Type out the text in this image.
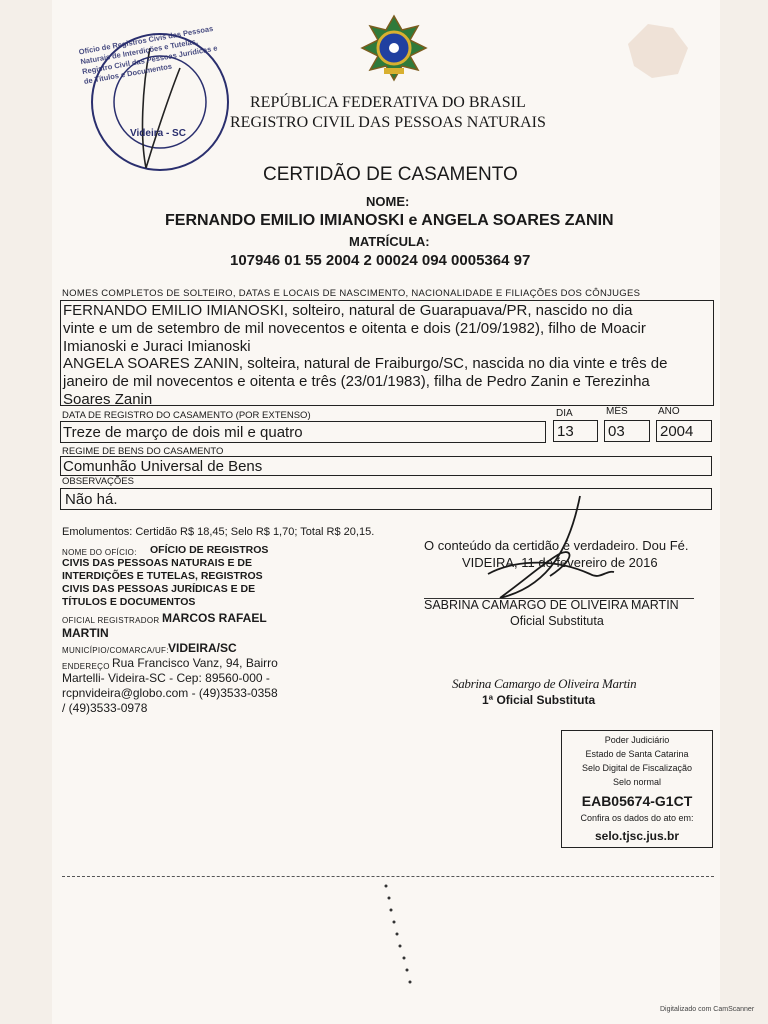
Ofício de Registros Civis das Pessoas Naturais de Interdições e Tutelas, Registro Civil das Pessoas Jurídicas e de Títulos e Documentos
Videira - SC
REPÚBLICA FEDERATIVA DO BRASIL
REGISTRO CIVIL DAS PESSOAS NATURAIS
CERTIDÃO DE CASAMENTO
NOME:
FERNANDO EMILIO IMIANOSKI e ANGELA SOARES ZANIN
MATRÍCULA:
107946 01 55 2004 2 00024 094 0005364 97
NOMES COMPLETOS DE SOLTEIRO, DATAS E LOCAIS DE NASCIMENTO, NACIONALIDADE E FILIAÇÕES DOS CÔNJUGES
FERNANDO EMILIO IMIANOSKI, solteiro, natural de Guarapuava/PR, nascido no dia
vinte e um de setembro de mil novecentos e oitenta e dois (21/09/1982), filho de Moacir
Imianoski e Juraci Imianoski
ANGELA SOARES ZANIN, solteira, natural de Fraiburgo/SC, nascida no dia vinte e três de
janeiro de mil novecentos e oitenta e três (23/01/1983), filha de Pedro Zanin e Terezinha
Soares Zanin
DATA DE REGISTRO DO CASAMENTO (POR EXTENSO)	DIA	MÊS	ANO
Treze de março de dois mil e quatro	13 03 2004
REGIME DE BENS DO CASAMENTO
Comunhão Universal de Bens
OBSERVAÇÕES
Não há.
Emolumentos: Certidão R$ 18,45; Selo R$ 1,70; Total R$ 20,15.
NOME DO OFÍCIO: OFÍCIO DE REGISTROS
CIVIS DAS PESSOAS NATURAIS E DE
INTERDIÇÕES E TUTELAS, REGISTROS
CIVIS DAS PESSOAS JURÍDICAS E DE
TÍTULOS E DOCUMENTOS
OFICIAL REGISTRADOR MARCOS RAFAEL
MARTIN
MUNICÍPIO/COMARCA/UF: VIDEIRA/SC
ENDEREÇO Rua Francisco Vanz, 94, Bairro
Martelli- Videira-SC - Cep: 89560-000 -
rcpnvideira@globo.com - (49)3533-0358
/ (49)3533-0978
O conteúdo da certidão é verdadeiro. Dou Fé.
VIDEIRA, 11 de fevereiro de 2016
SABRINA CAMARGO DE OLIVEIRA MARTIN
Oficial Substituta
Sabrina Camargo de Oliveira Martin
1ª Oficial Substituta
Poder Judiciário
Estado de Santa Catarina
Selo Digital de Fiscalização
Selo normal
EAB05674-G1CT
Confira os dados do ato em:
selo.tjsc.jus.br
Digitalizado com CamScanner
